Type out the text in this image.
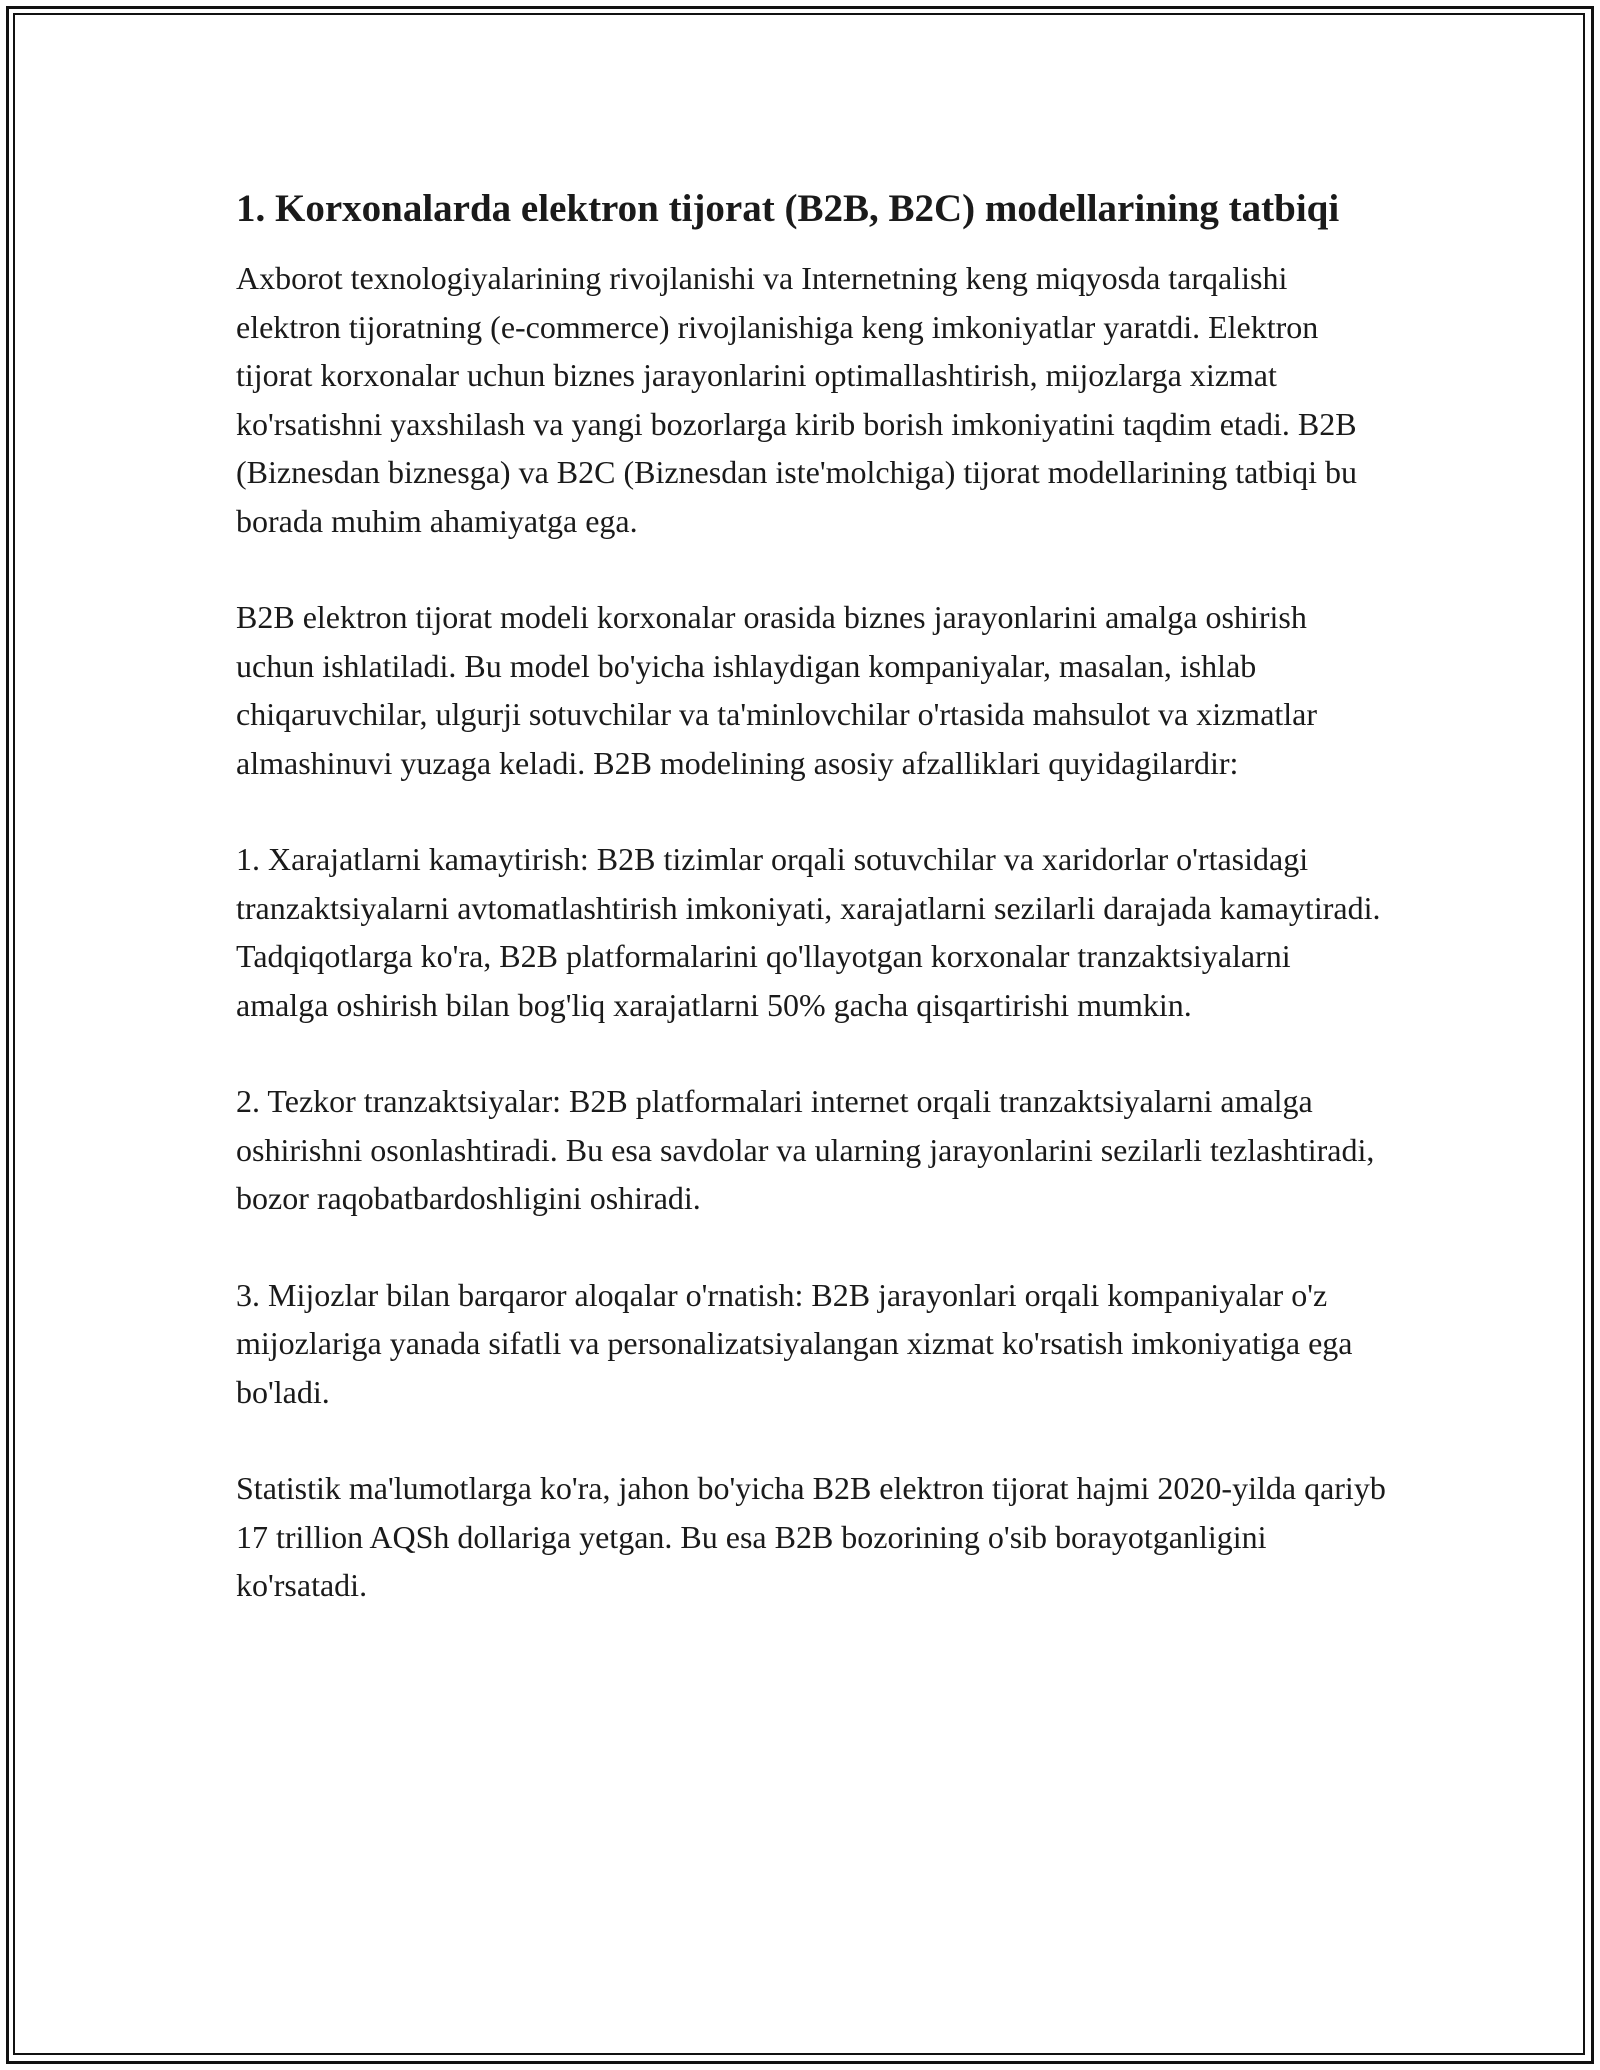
1. Korxonalarda elektron tijorat (B2B, B2C) modellarining tatbiqi

Axborot texnologiyalarining rivojlanishi va Internetning keng miqyosda tarqalishi elektron tijoratning (e-commerce) rivojlanishiga keng imkoniyatlar yaratdi. Elektron tijorat korxonalar uchun biznes jarayonlarini optimallashtirish, mijozlarga xizmat ko'rsatishni yaxshilash va yangi bozorlarga kirib borish imkoniyatini taqdim etadi. B2B (Biznesdan biznesga) va B2C (Biznesdan iste'molchiga) tijorat modellarining tatbiqi bu borada muhim ahamiyatga ega.

B2B elektron tijorat modeli korxonalar orasida biznes jarayonlarini amalga oshirish uchun ishlatiladi. Bu model bo'yicha ishlaydigan kompaniyalar, masalan, ishlab chiqaruvchilar, ulgurji sotuvchilar va ta'minlovchilar o'rtasida mahsulot va xizmatlar almashinuvi yuzaga keladi. B2B modelining asosiy afzalliklari quyidagilardir:

1. Xarajatlarni kamaytirish: B2B tizimlar orqali sotuvchilar va xaridorlar o'rtasidagi tranzaktsiyalarni avtomatlashtirish imkoniyati, xarajatlarni sezilarli darajada kamaytiradi. Tadqiqotlarga ko'ra, B2B platformalarini qo'llayotgan korxonalar tranzaktsiyalarni amalga oshirish bilan bog'liq xarajatlarni 50% gacha qisqartirishi mumkin.

2. Tezkor tranzaktsiyalar: B2B platformalari internet orqali tranzaktsiyalarni amalga oshirishni osonlashtiradi. Bu esa savdolar va ularning jarayonlarini sezilarli tezlashtiradi, bozor raqobatbardoshligini oshiradi.

3. Mijozlar bilan barqaror aloqalar o'rnatish: B2B jarayonlari orqali kompaniyalar o'z mijozlariga yanada sifatli va personalizatsiyalangan xizmat ko'rsatish imkoniyatiga ega bo'ladi.

Statistik ma'lumotlarga ko'ra, jahon bo'yicha B2B elektron tijorat hajmi 2020-yilda qariyb 17 trillion AQSh dollariga yetgan. Bu esa B2B bozorining o'sib borayotganligini ko'rsatadi.
